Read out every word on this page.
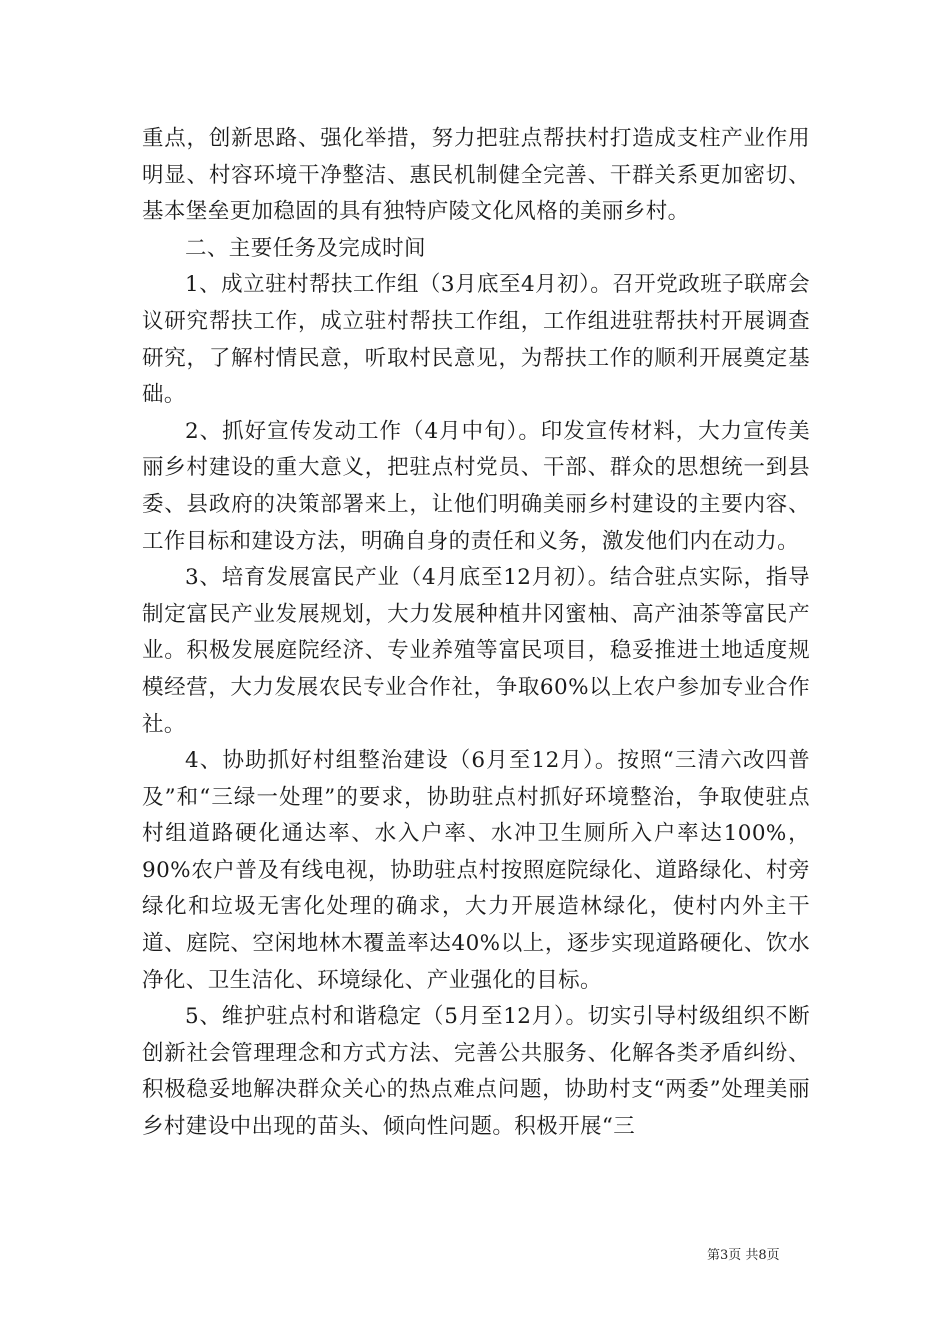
重点，创新思路、强化举措，努力把驻点帮扶村打造成支柱产业作用明显、村容环境干净整洁、惠民机制健全完善、干群关系更加密切、基本堡垒更加稳固的具有独特庐陵文化风格的美丽乡村。

二、主要任务及完成时间

1、成立驻村帮扶工作组（3月底至4月初）。召开党政班子联席会议研究帮扶工作，成立驻村帮扶工作组，工作组进驻帮扶村开展调查研究，了解村情民意，听取村民意见，为帮扶工作的顺利开展奠定基础。

2、抓好宣传发动工作（4月中旬）。印发宣传材料，大力宣传美丽乡村建设的重大意义，把驻点村党员、干部、群众的思想统一到县委、县政府的决策部署来上，让他们明确美丽乡村建设的主要内容、工作目标和建设方法，明确自身的责任和义务，激发他们内在动力。

3、培育发展富民产业（4月底至12月初）。结合驻点实际，指导制定富民产业发展规划，大力发展种植井冈蜜柚、高产油茶等富民产业。积极发展庭院经济、专业养殖等富民项目，稳妥推进土地适度规模经营，大力发展农民专业合作社，争取60%以上农户参加专业合作社。

4、协助抓好村组整治建设（6月至12月）。按照“三清六改四普及”和“三绿一处理”的要求，协助驻点村抓好环境整治，争取使驻点村组道路硬化通达率、水入户率、水冲卫生厕所入户率达100%，90%农户普及有线电视，协助驻点村按照庭院绿化、道路绿化、村旁绿化和垃圾无害化处理的确求，大力开展造林绿化，使村内外主干道、庭院、空闲地林木覆盖率达40%以上，逐步实现道路硬化、饮水净化、卫生洁化、环境绿化、产业强化的目标。

5、维护驻点村和谐稳定（5月至12月）。切实引导村级组织不断创新社会管理理念和方式方法、完善公共服务、化解各类矛盾纠纷、积极稳妥地解决群众关心的热点难点问题，协助村支“两委”处理美丽乡村建设中出现的苗头、倾向性问题。积极开展“三

第3页 共8页
